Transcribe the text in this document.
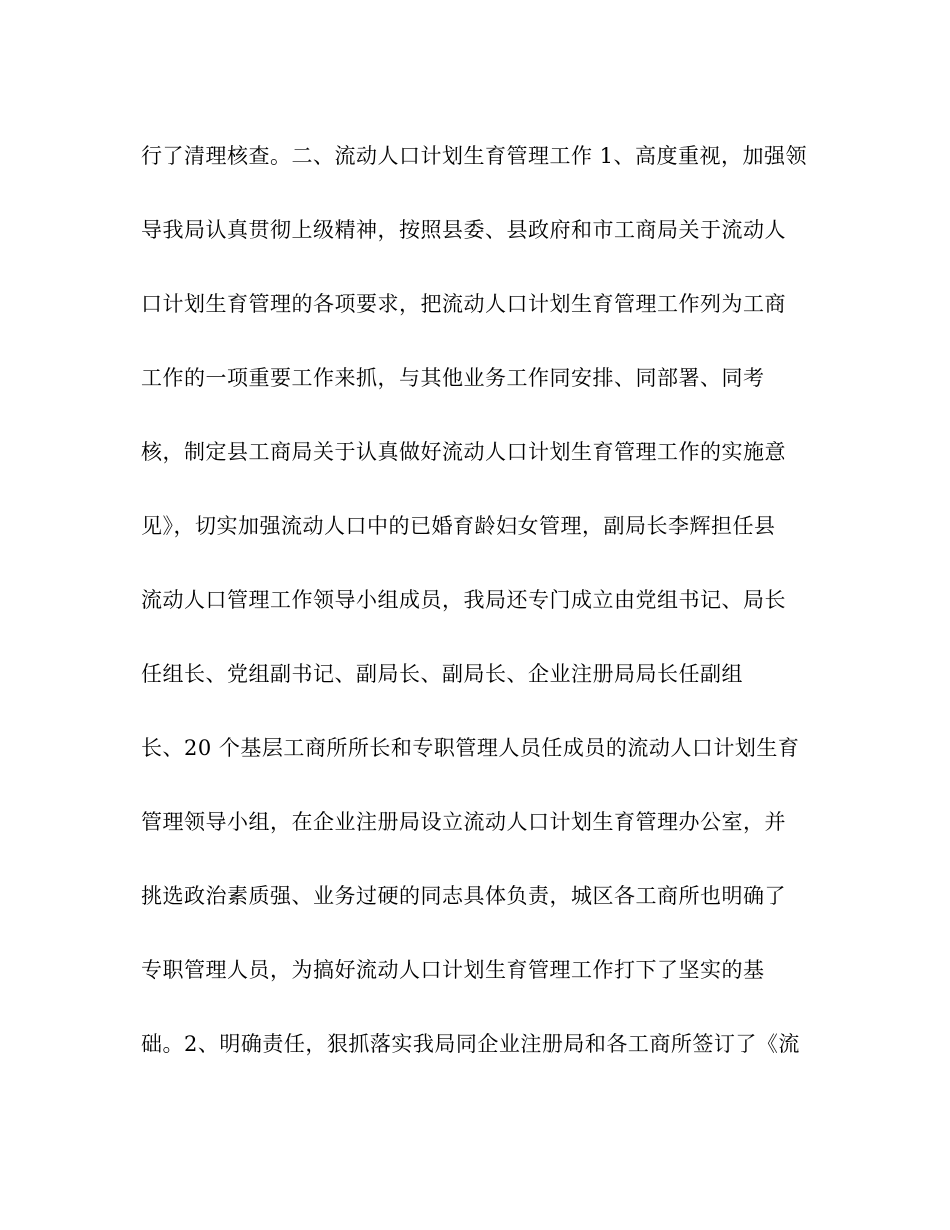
行了清理核查。二、流动人口计划生育管理工作 1、高度重视，加强领
导我局认真贯彻上级精神，按照县委、县政府和市工商局关于流动人
口计划生育管理的各项要求，把流动人口计划生育管理工作列为工商
工作的一项重要工作来抓，与其他业务工作同安排、同部署、同考
核，制定县工商局关于认真做好流动人口计划生育管理工作的实施意
见》，切实加强流动人口中的已婚育龄妇女管理，副局长李辉担任县
流动人口管理工作领导小组成员，我局还专门成立由党组书记、局长
任组长、党组副书记、副局长、副局长、企业注册局局长任副组
长、20 个基层工商所所长和专职管理人员任成员的流动人口计划生育
管理领导小组，在企业注册局设立流动人口计划生育管理办公室，并
挑选政治素质强、业务过硬的同志具体负责，城区各工商所也明确了
专职管理人员，为搞好流动人口计划生育管理工作打下了坚实的基
础。2、明确责任，狠抓落实我局同企业注册局和各工商所签订了《流
